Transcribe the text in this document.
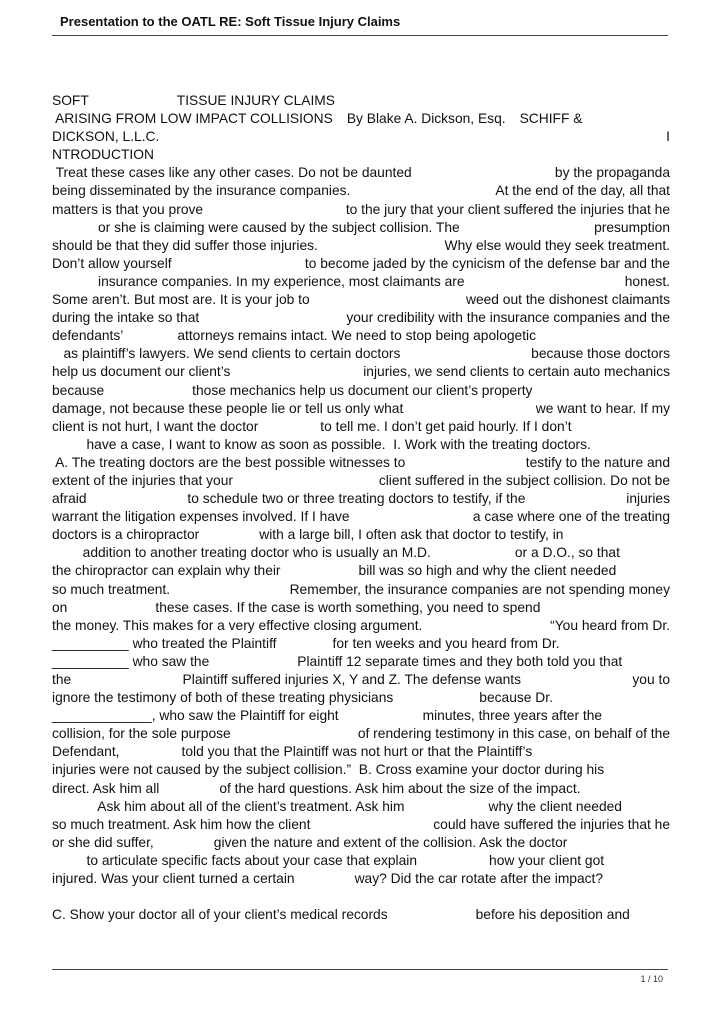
Presentation to the OATL RE: Soft Tissue Injury Claims
SOFT	TISSUE INJURY CLAIMS
ARISING FROM LOW IMPACT COLLISIONS By Blake A. Dickson, Esq. SCHIFF &
DICKSON, L.L.C.	I
NTRODUCTION
Treat these cases like any other cases. Do not be daunted	by the propaganda
being disseminated by the insurance companies.	At the end of the day, all that
matters is that you prove	to the jury that your client suffered the injuries that he
or she is claiming were caused by the subject collision. The	presumption
should be that they did suffer those injuries.	Why else would they seek treatment.
Don’t allow yourself	to become jaded by the cynicism of the defense bar and the
insurance companies. In my experience, most claimants are	honest.
Some aren’t. But most are. It is your job to	weed out the dishonest claimants
during the intake so that	your credibility with the insurance companies and the
defendants’	attorneys remains intact. We need to stop being apologetic
as plaintiff’s lawyers. We send clients to certain doctors	because those doctors
help us document our client’s	injuries, we send clients to certain auto mechanics
because	those mechanics help us document our client’s property
damage, not because these people lie or tell us only what	we want to hear. If my
client is not hurt, I want the doctor	to tell me. I don’t get paid hourly. If I don’t
have a case, I want to know as soon as possible.  I. Work with the treating doctors.
A. The treating doctors are the best possible witnesses to	testify to the nature and
extent of the injuries that your	client suffered in the subject collision. Do not be
afraid	to schedule two or three treating doctors to testify, if the	injuries
warrant the litigation expenses involved. If I have	a case where one of the treating
doctors is a chiropractor	with a large bill, I often ask that doctor to testify, in
addition to another treating doctor who is usually an M.D.	or a D.O., so that
the chiropractor can explain why their	bill was so high and why the client needed
so much treatment.	Remember, the insurance companies are not spending money
on	these cases. If the case is worth something, you need to spend
the money. This makes for a very effective closing argument.	“You heard from Dr.
__________ who treated the Plaintiff	for ten weeks and you heard from Dr.
__________ who saw the	Plaintiff 12 separate times and they both told you that
the	Plaintiff suffered injuries X, Y and Z. The defense wants	you to
ignore the testimony of both of these treating physicians	because Dr.
_____________, who saw the Plaintiff for eight	minutes, three years after the
collision, for the sole purpose	of rendering testimony in this case, on behalf of the
Defendant,	told you that the Plaintiff was not hurt or that the Plaintiff’s
injuries were not caused by the subject collision.”  B. Cross examine your doctor during his
direct. Ask him all	of the hard questions. Ask him about the size of the impact.
Ask him about all of the client’s treatment. Ask him	why the client needed
so much treatment. Ask him how the client	could have suffered the injuries that he
or she did suffer,	given the nature and extent of the collision. Ask the doctor
to articulate specific facts about your case that explain	how your client got
injured. Was your client turned a certain	way? Did the car rotate after the impact?
C. Show your doctor all of your client’s medical records	before his deposition and
1 / 10
